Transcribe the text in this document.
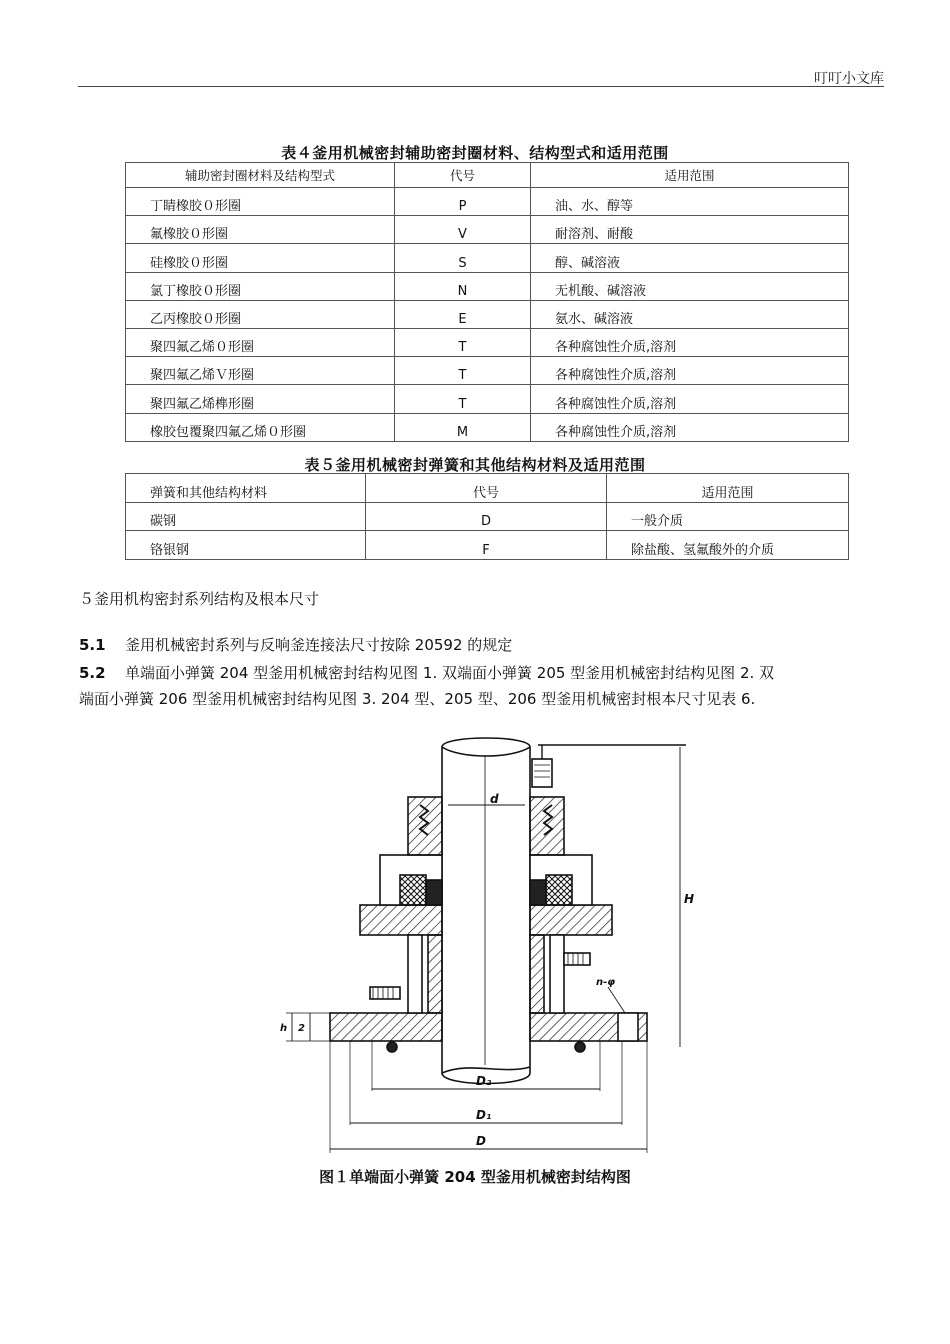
叮叮小文库
表４釜用机械密封辅助密封圈材料、结构型式和适用范围
辅助密封圈材料及结构型式	代号	适用范围
丁睛橡胶０形圈	P	油、水、醇等
氟橡胶０形圈	V	耐溶剂、耐酸
硅橡胶０形圈	S	醇、碱溶液
氯丁橡胶０形圈	N	无机酸、碱溶液
乙丙橡胶０形圈	E	氨水、碱溶液
聚四氟乙烯０形圈	T	各种腐蚀性介质,溶剂
聚四氟乙烯Ｖ形圈	T	各种腐蚀性介质,溶剂
聚四氟乙烯榫形圈	T	各种腐蚀性介质,溶剂
橡胶包覆聚四氟乙烯０形圈	M	各种腐蚀性介质,溶剂
表５釜用机械密封弹簧和其他结构材料及适用范围
弹簧和其他结构材料	代号	适用范围
碳钢	D	一般介质
铬银钢	F	除盐酸、氢氟酸外的介质
５釜用机构密封系列结构及根本尺寸
5.1 釜用机械密封系列与反响釜连接法尺寸按除 20592 的规定
5.2 单端面小弹簧 204 型釜用机械密封结构见图 1. 双端面小弹簧 205 型釜用机械密封结构见图 2. 双
端面小弹簧 206 型釜用机械密封结构见图 3. 204 型、205 型、206 型釜用机械密封根本尺寸见表 6.
d
H
h 2
D₂
D₁
D
n-φ
图１单端面小弹簧 204 型釜用机械密封结构图
